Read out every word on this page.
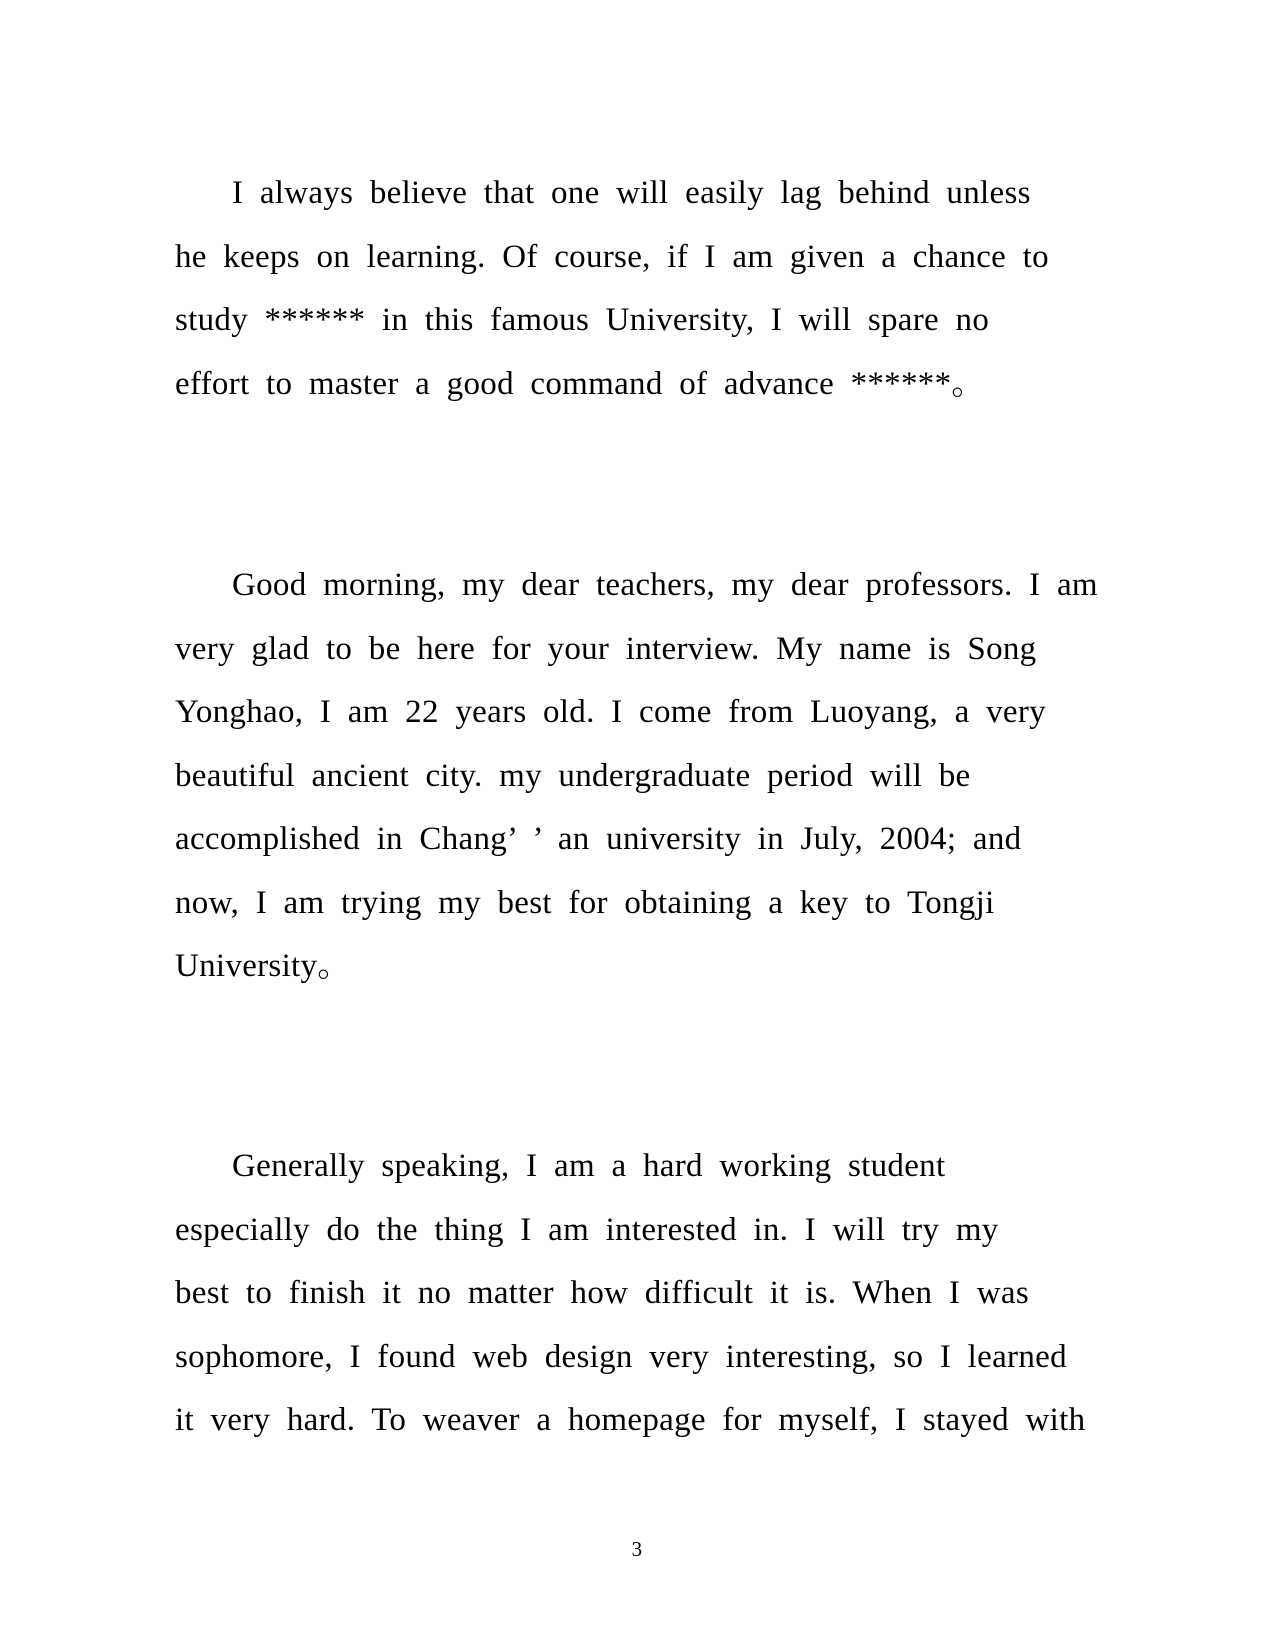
I always believe that one will easily lag behind unless
he keeps on learning. Of course, if I am given a chance to
study ****** in this famous University, I will spare no
effort to master a good command of advance ******。
Good morning, my dear teachers, my dear professors. I am
very glad to be here for your interview. My name is Song
Yonghao, I am 22 years old. I come from Luoyang, a very
beautiful ancient city. my undergraduate period will be
accomplished in Chang’ ’ an university in July, 2004; and
now, I am trying my best for obtaining a key to Tongji
University。
Generally speaking, I am a hard working student
especially do the thing I am interested in. I will try my
best to finish it no matter how difficult it is. When I was
sophomore, I found web design very interesting, so I learned
it very hard. To weaver a homepage for myself, I stayed with
3
